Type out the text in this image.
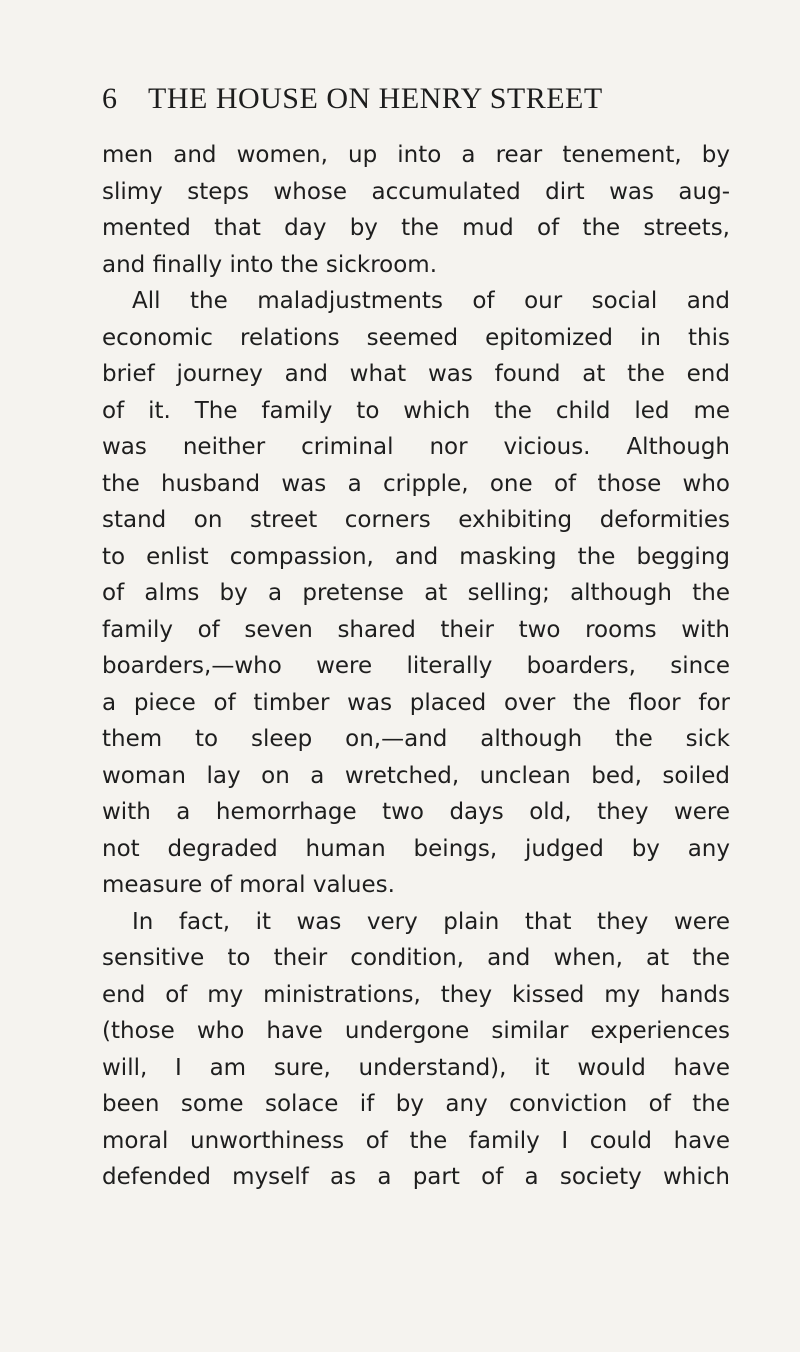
6 THE HOUSE ON HENRY STREET
men and women, up into a rear tenement, by
slimy steps whose accumulated dirt was aug-
mented that day by the mud of the streets,
and finally into the sickroom.
All the maladjustments of our social and
economic relations seemed epitomized in this
brief journey and what was found at the end
of it. The family to which the child led me
was neither criminal nor vicious. Although
the husband was a cripple, one of those who
stand on street corners exhibiting deformities
to enlist compassion, and masking the begging
of alms by a pretense at selling; although the
family of seven shared their two rooms with
boarders,—who were literally boarders, since
a piece of timber was placed over the floor for
them to sleep on,—and although the sick
woman lay on a wretched, unclean bed, soiled
with a hemorrhage two days old, they were
not degraded human beings, judged by any
measure of moral values.
In fact, it was very plain that they were
sensitive to their condition, and when, at the
end of my ministrations, they kissed my hands
(those who have undergone similar experiences
will, I am sure, understand), it would have
been some solace if by any conviction of the
moral unworthiness of the family I could have
defended myself as a part of a society which
